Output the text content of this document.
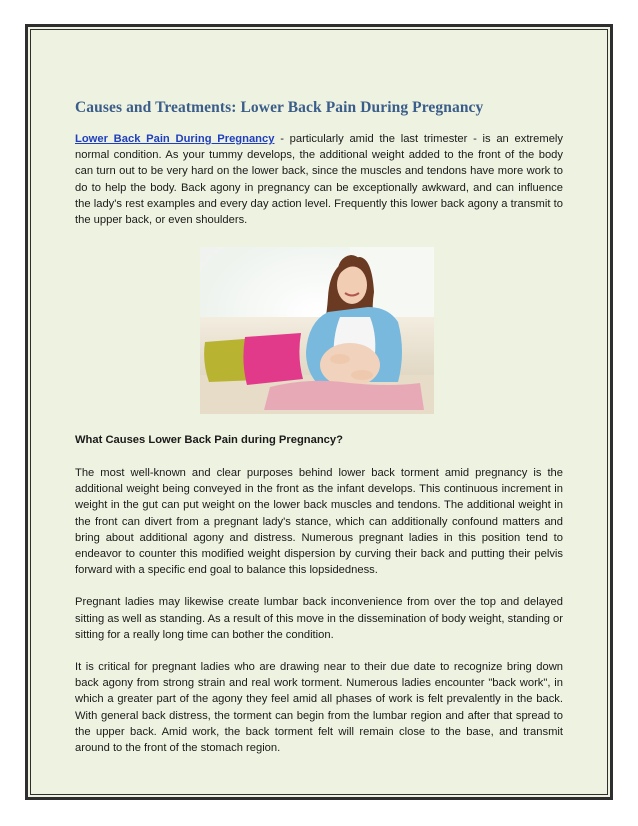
Causes and Treatments: Lower Back Pain During Pregnancy

Lower Back Pain During Pregnancy - particularly amid the last trimester - is an extremely normal condition. As your tummy develops, the additional weight added to the front of the body can turn out to be very hard on the lower back, since the muscles and tendons have more work to do to help the body. Back agony in pregnancy can be exceptionally awkward, and can influence the lady's rest examples and every day action level. Frequently this lower back agony a transmit to the upper back, or even shoulders.

What Causes Lower Back Pain during Pregnancy?

The most well-known and clear purposes behind lower back torment amid pregnancy is the additional weight being conveyed in the front as the infant develops. This continuous increment in weight in the gut can put weight on the lower back muscles and tendons. The additional weight in the front can divert from a pregnant lady's stance, which can additionally confound matters and bring about additional agony and distress. Numerous pregnant ladies in this position tend to endeavor to counter this modified weight dispersion by curving their back and putting their pelvis forward with a specific end goal to balance this lopsidedness.

Pregnant ladies may likewise create lumbar back inconvenience from over the top and delayed sitting as well as standing. As a result of this move in the dissemination of body weight, standing or sitting for a really long time can bother the condition.

It is critical for pregnant ladies who are drawing near to their due date to recognize bring down back agony from strong strain and real work torment. Numerous ladies encounter "back work", in which a greater part of the agony they feel amid all phases of work is felt prevalently in the back. With general back distress, the torment can begin from the lumbar region and after that spread to the upper back. Amid work, the back torment felt will remain close to the base, and transmit around to the front of the stomach region.
